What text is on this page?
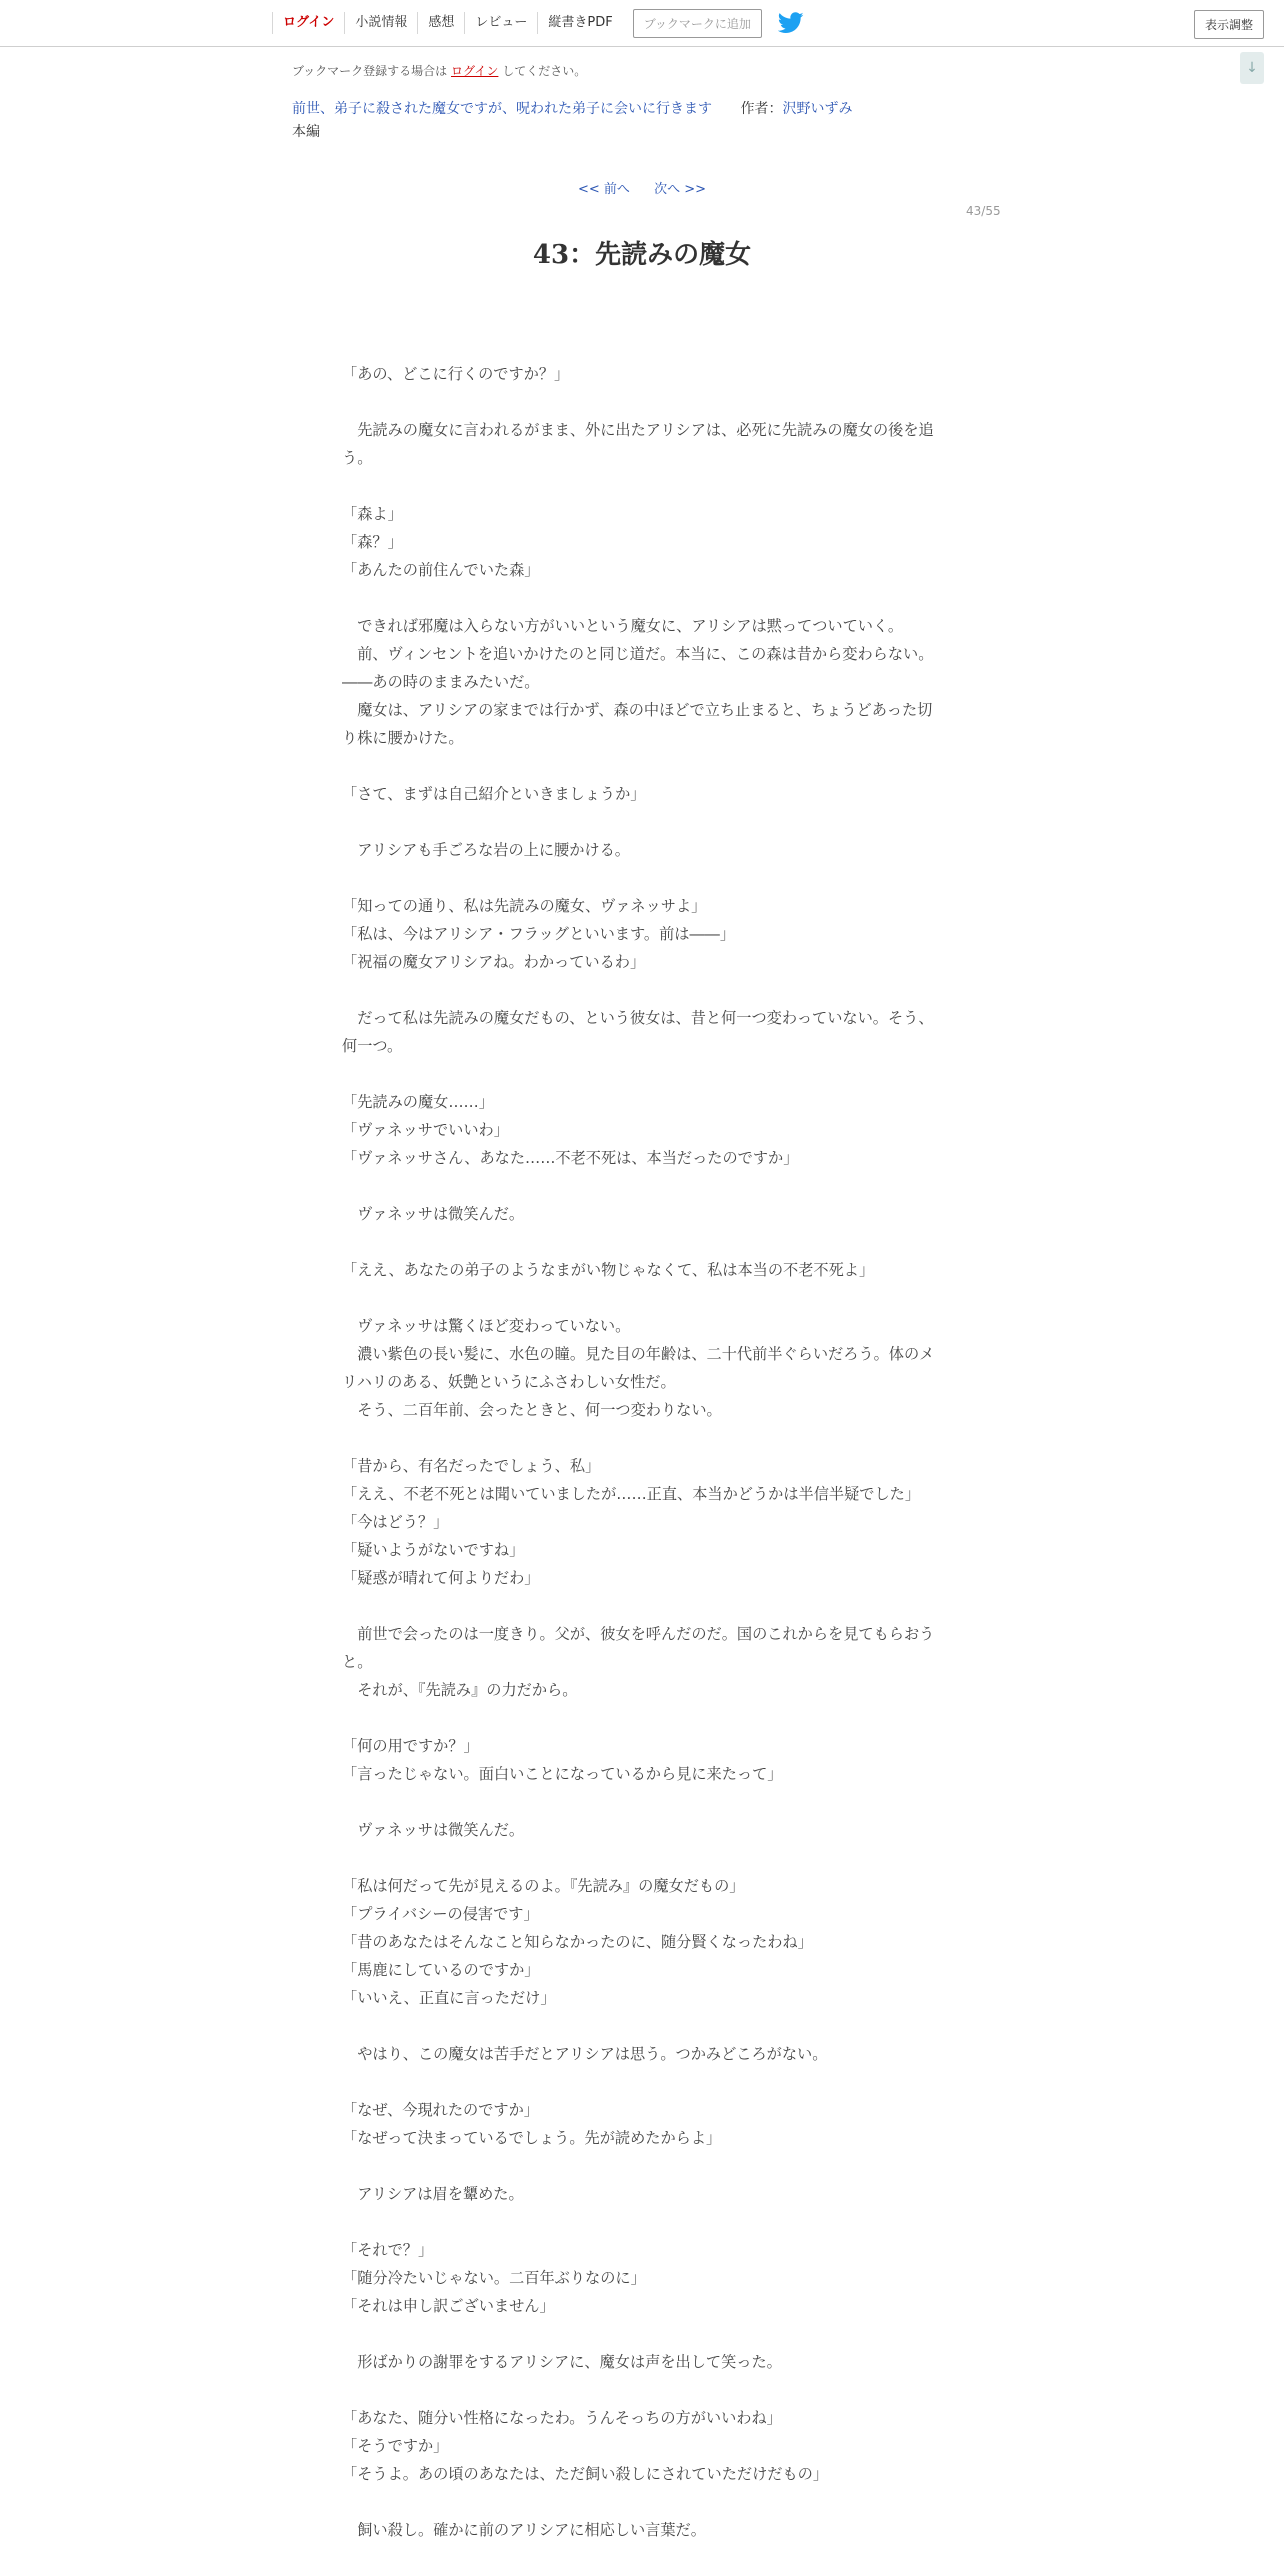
ログイン	小説情報	感想	レビュー	縦書きPDF	ブックマークに追加	表示調整
↓
ブックマーク登録する場合は ログイン してください。
前世、弟子に殺された魔女ですが、呪われた弟子に会いに行きます 作者：沢野いずみ
本編
<< 前へ 次へ >>
43/55
43：先読みの魔女

「あの、どこに行くのですか？」

　先読みの魔女に言われるがまま、外に出たアリシアは、必死に先読みの魔女の後を追う。

「森よ」

「森？」

「あんたの前住んでいた森」

　できれば邪魔は入らない方がいいという魔女に、アリシアは黙ってついていく。

　前、ヴィンセントを追いかけたのと同じ道だ。本当に、この森は昔から変わらない。――あの時のままみたいだ。

　魔女は、アリシアの家までは行かず、森の中ほどで立ち止まると、ちょうどあった切り株に腰かけた。

「さて、まずは自己紹介といきましょうか」

　アリシアも手ごろな岩の上に腰かける。

「知っての通り、私は先読みの魔女、ヴァネッサよ」

「私は、今はアリシア・フラッグといいます。前は――」

「祝福の魔女アリシアね。わかっているわ」

　だって私は先読みの魔女だもの、という彼女は、昔と何一つ変わっていない。そう、何一つ。

「先読みの魔女……」

「ヴァネッサでいいわ」

「ヴァネッサさん、あなた……不老不死は、本当だったのですか」

　ヴァネッサは微笑んだ。

「ええ、あなたの弟子のようなまがい物じゃなくて、私は本当の不老不死よ」

　ヴァネッサは驚くほど変わっていない。

　濃い紫色の長い髪に、水色の瞳。見た目の年齢は、二十代前半ぐらいだろう。体のメリハリのある、妖艶というにふさわしい女性だ。

　そう、二百年前、会ったときと、何一つ変わりない。

「昔から、有名だったでしょう、私」

「ええ、不老不死とは聞いていましたが……正直、本当かどうかは半信半疑でした」

「今はどう？」

「疑いようがないですね」

「疑惑が晴れて何よりだわ」

　前世で会ったのは一度きり。父が、彼女を呼んだのだ。国のこれからを見てもらおうと。

　それが、『先読み』の力だから。

「何の用ですか？」

「言ったじゃない。面白いことになっているから見に来たって」

　ヴァネッサは微笑んだ。

「私は何だって先が見えるのよ。『先読み』の魔女だもの」

「プライバシーの侵害です」

「昔のあなたはそんなこと知らなかったのに、随分賢くなったわね」

「馬鹿にしているのですか」

「いいえ、正直に言っただけ」

　やはり、この魔女は苦手だとアリシアは思う。つかみどころがない。

「なぜ、今現れたのですか」

「なぜって決まっているでしょう。先が読めたからよ」

　アリシアは眉を顰めた。

「それで？」

「随分冷たいじゃない。二百年ぶりなのに」

「それは申し訳ございません」

　形ばかりの謝罪をするアリシアに、魔女は声を出して笑った。

「あなた、随分い性格になったわ。うんそっちの方がいいわね」

「そうですか」

「そうよ。あの頃のあなたは、ただ飼い殺しにされていただけだもの」

　飼い殺し。確かに前のアリシアに相応しい言葉だ。
